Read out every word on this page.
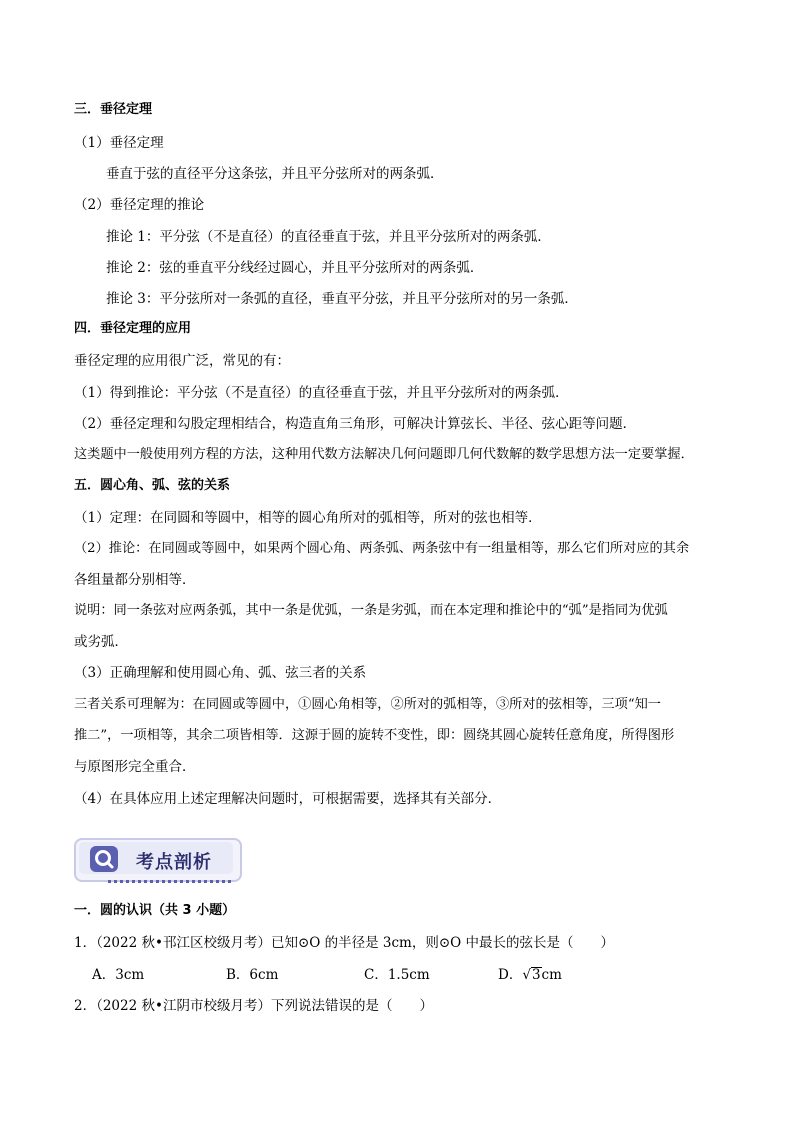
三．垂径定理
（1）垂径定理
垂直于弦的直径平分这条弦，并且平分弦所对的两条弧．
（2）垂径定理的推论
推论 1：平分弦（不是直径）的直径垂直于弦，并且平分弦所对的两条弧．
推论 2：弦的垂直平分线经过圆心，并且平分弦所对的两条弧．
推论 3：平分弦所对一条弧的直径，垂直平分弦，并且平分弦所对的另一条弧．
四．垂径定理的应用
垂径定理的应用很广泛，常见的有：
（1）得到推论：平分弦（不是直径）的直径垂直于弦，并且平分弦所对的两条弧．
（2）垂径定理和勾股定理相结合，构造直角三角形，可解决计算弦长、半径、弦心距等问题．
这类题中一般使用列方程的方法，这种用代数方法解决几何问题即几何代数解的数学思想方法一定要掌握．
五．圆心角、弧、弦的关系
（1）定理：在同圆和等圆中，相等的圆心角所对的弧相等，所对的弦也相等．
（2）推论：在同圆或等圆中，如果两个圆心角、两条弧、两条弦中有一组量相等，那么它们所对应的其余
各组量都分别相等．
说明：同一条弦对应两条弧，其中一条是优弧，一条是劣弧，而在本定理和推论中的“弧”是指同为优弧
或劣弧．
（3）正确理解和使用圆心角、弧、弦三者的关系
三者关系可理解为：在同圆或等圆中，①圆心角相等，②所对的弧相等，③所对的弦相等，三项“知一
推二”，一项相等，其余二项皆相等．这源于圆的旋转不变性，即：圆绕其圆心旋转任意角度，所得图形
与原图形完全重合．
（4）在具体应用上述定理解决问题时，可根据需要，选择其有关部分．
考点剖析
一．圆的认识（共 3 小题）
1．（2022 秋•邗江区校级月考）已知⊙O 的半径是 3cm，则⊙O 中最长的弦长是（　　）
A．3cm	B．6cm	C．1.5cm	D．√3cm
2．（2022 秋•江阴市校级月考）下列说法错误的是（　　）
